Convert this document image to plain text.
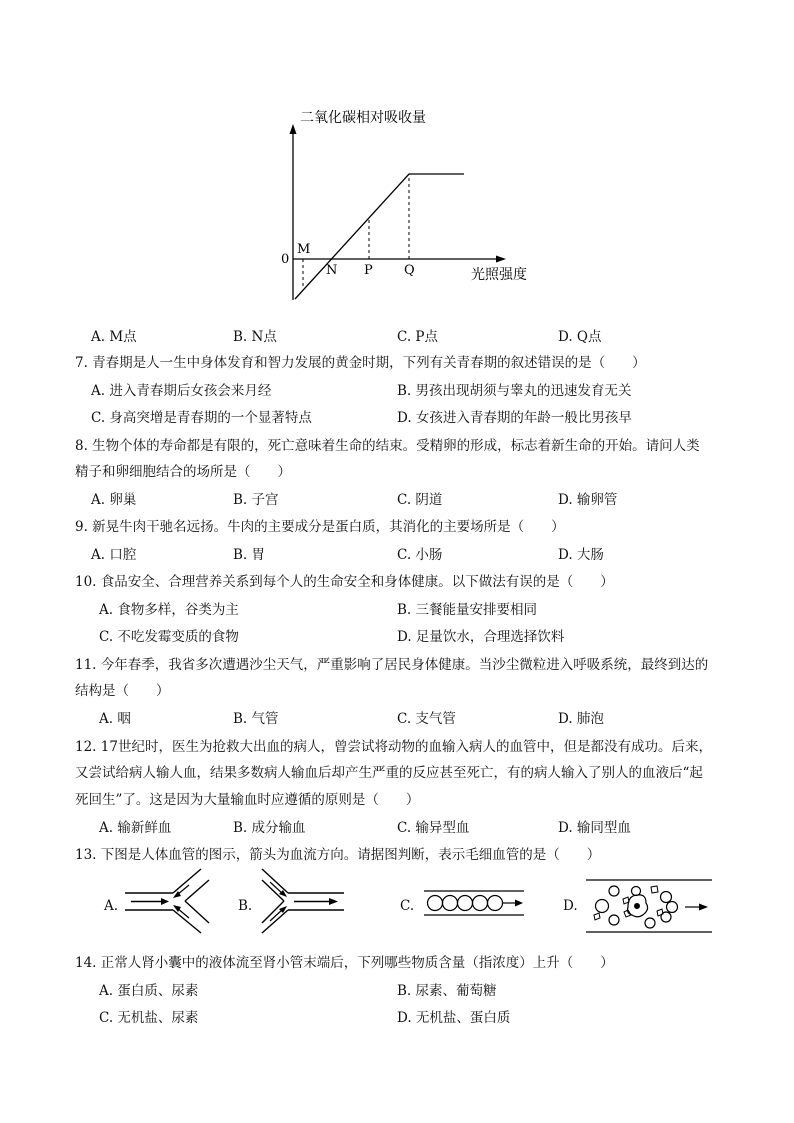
二氧化碳相对吸收量
光照强度
0
M
N P Q
A. M点	B. N点	C. P点	D. Q点
7. 青春期是人一生中身体发育和智力发展的黄金时期，下列有关青春期的叙述错误的是（　　）
A. 进入青春期后女孩会来月经	B. 男孩出现胡须与睾丸的迅速发育无关
C. 身高突增是青春期的一个显著特点	D. 女孩进入青春期的年龄一般比男孩早
8. 生物个体的寿命都是有限的，死亡意味着生命的结束。受精卵的形成，标志着新生命的开始。请问人类
精子和卵细胞结合的场所是（　　）
A. 卵巢	B. 子宫	C. 阴道	D. 输卵管
9. 新晃牛肉干驰名远扬。牛肉的主要成分是蛋白质，其消化的主要场所是（　　）
A. 口腔	B. 胃	C. 小肠	D. 大肠
10. 食品安全、合理营养关系到每个人的生命安全和身体健康。以下做法有误的是（　　）
A. 食物多样，谷类为主	B. 三餐能量安排要相同
C. 不吃发霉变质的食物	D. 足量饮水，合理选择饮料
11. 今年春季，我省多次遭遇沙尘天气，严重影响了居民身体健康。当沙尘微粒进入呼吸系统，最终到达的
结构是（　　）
A. 咽	B. 气管	C. 支气管	D. 肺泡
12. 17世纪时，医生为抢救大出血的病人，曾尝试将动物的血输入病人的血管中，但是都没有成功。后来，
又尝试给病人输人血，结果多数病人输血后却产生严重的反应甚至死亡，有的病人输入了别人的血液后“起
死回生”了。这是因为大量输血时应遵循的原则是（　　）
A. 输新鲜血	B. 成分输血	C. 输异型血	D. 输同型血
13. 下图是人体血管的图示，箭头为血流方向。请据图判断，表示毛细血管的是（　　）
A.	B.	C.	D.
14. 正常人肾小囊中的液体流至肾小管末端后，下列哪些物质含量（指浓度）上升（　　）
A. 蛋白质、尿素	B. 尿素、葡萄糖
C. 无机盐、尿素	D. 无机盐、蛋白质
